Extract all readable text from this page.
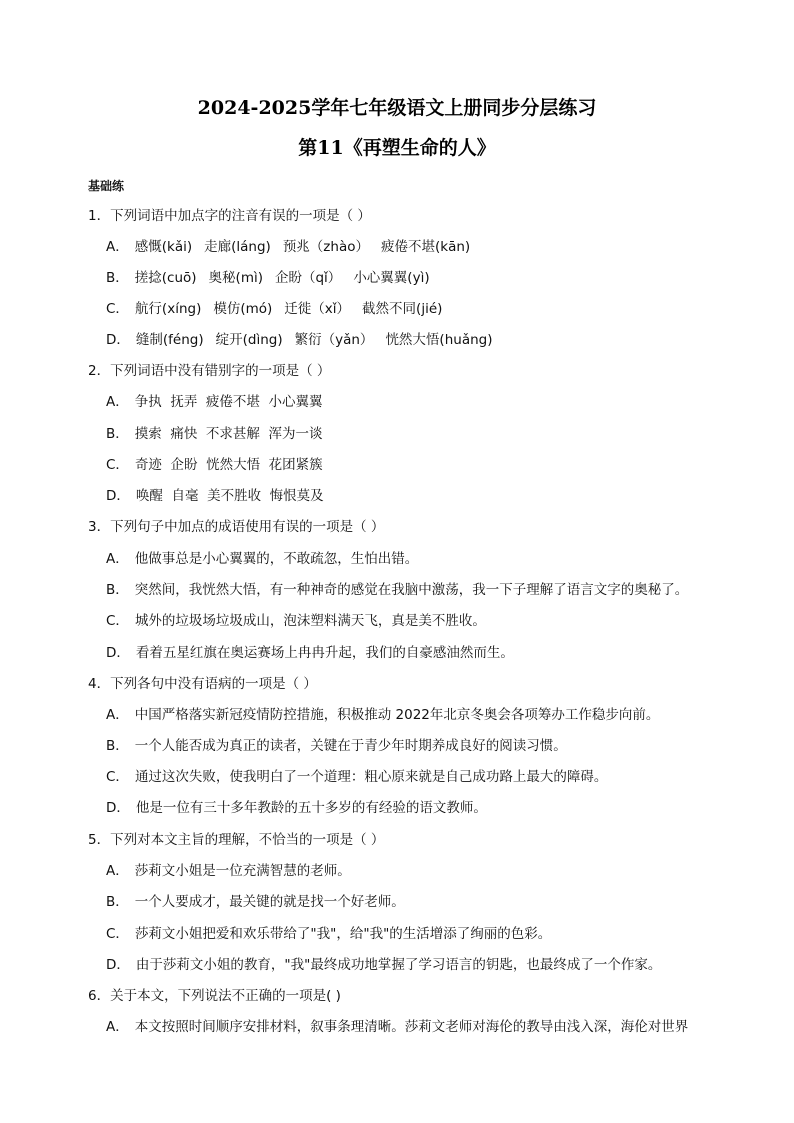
2024-2025学年七年级语文上册同步分层练习
第11《再塑生命的人》
基础练
1．下列词语中加点字的注音有误的一项是（ ）
A． 感慨(kǎi) 走廊(láng) 预兆（zhào） 疲倦不堪(kān)
B． 搓捻(cuō) 奥秘(mì) 企盼（qǐ） 小心翼翼(yì)
C． 航行(xíng) 模仿(mó) 迁徙（xǐ） 截然不同(jié)
D． 缝制(féng) 绽开(dìng) 繁衍（yǎn） 恍然大悟(huǎng)
2．下列词语中没有错别字的一项是（ ）
A． 争执  抚弄  疲倦不堪  小心翼翼
B． 摸索  痛快  不求甚解  浑为一谈
C． 奇迹  企盼  恍然大悟  花团紧簇
D． 唤醒  自毫  美不胜收  悔恨莫及
3．下列句子中加点的成语使用有误的一项是（ ）
A． 他做事总是小心翼翼的，不敢疏忽，生怕出错。
B． 突然间，我恍然大悟，有一种神奇的感觉在我脑中激荡，我一下子理解了语言文字的奥秘了。
C． 城外的垃圾场垃圾成山，泡沫塑料满天飞，真是美不胜收。
D． 看着五星红旗在奥运赛场上冉冉升起，我们的自豪感油然而生。
4．下列各句中没有语病的一项是（ ）
A． 中国严格落实新冠疫情防控措施，积极推动 2022年北京冬奥会各项筹办工作稳步向前。
B． 一个人能否成为真正的读者，关键在于青少年时期养成良好的阅读习惯。
C． 通过这次失败，使我明白了一个道理：粗心原来就是自己成功路上最大的障碍。
D． 他是一位有三十多年教龄的五十多岁的有经验的语文教师。
5．下列对本文主旨的理解，不恰当的一项是（ ）
A． 莎莉文小姐是一位充满智慧的老师。
B． 一个人要成才，最关键的就是找一个好老师。
C． 莎莉文小姐把爱和欢乐带给了"我"，给"我"的生活增添了绚丽的色彩。
D． 由于莎莉文小姐的教育，"我"最终成功地掌握了学习语言的钥匙，也最终成了一个作家。
6．关于本文，下列说法不正确的一项是( )
A． 本文按照时间顺序安排材料，叙事条理清晰。莎莉文老师对海伦的教导由浅入深，海伦对世界
